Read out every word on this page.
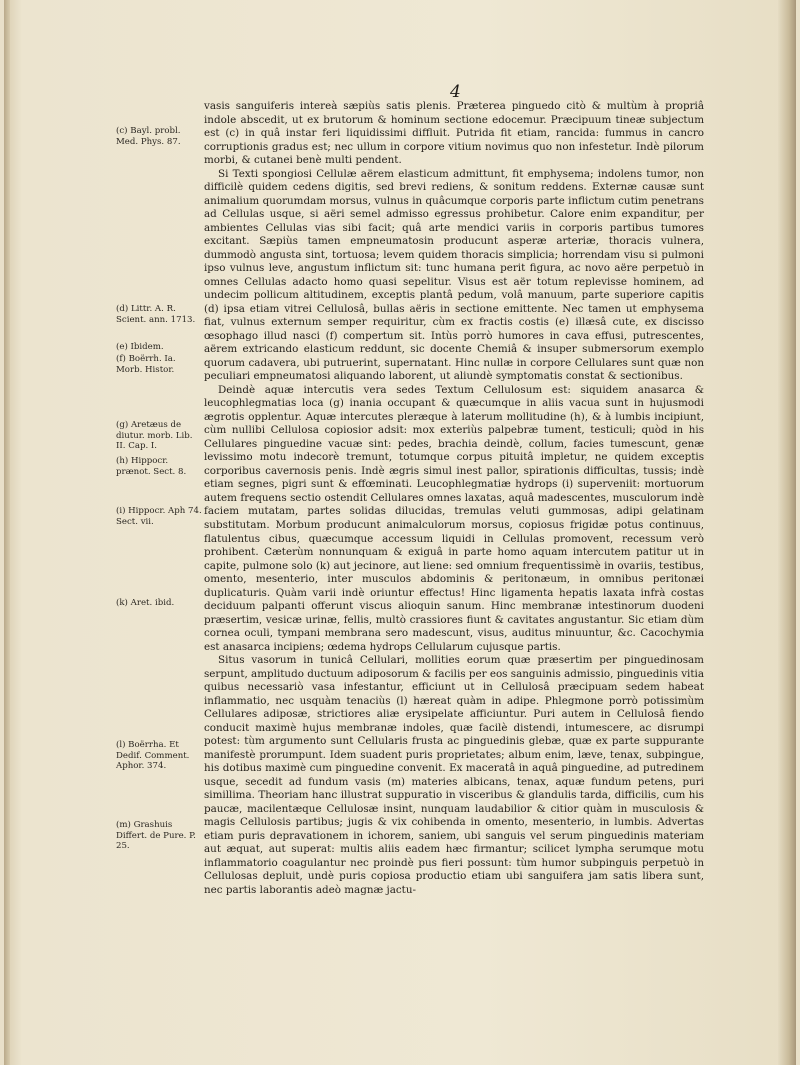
4
(c) Bayl. probl. Med. Phys. 87.
(d) Littr. A. R. Scient. ann. 1713.
(e) Ibidem.
(f) Boërrh. Ia. Morb. Histor.
(g) Aretæus de diutur. morb. Lib. II. Cap. I.
(h) Hippocr. prænot. Sect. 8.
(i) Hippocr. Aph 74. Sect. vii.
(k) Aret. ibid.
(l) Boërrha. Et Dedif. Comment. Aphor. 374.
(m) Grashuis Differt. de Pure. P. 25.

vasis sanguiferis intereà sæpiùs satis plenis. Præterea pinguedo citò & multùm à propriâ indole abscedit, ut ex brutorum & hominum sectione edocemur. Præcipuum tineæ subjectum est (c) in quâ instar feri liquidissimi diffluit. Putrida fit etiam, rancida: fummus in cancro corruptionis gradus est; nec ullum in corpore vitium novimus quo non infestetur. Indè pilorum morbi, & cutanei benè multi pendent.

Si Texti spongiosi Cellulæ aërem elasticum admittunt, fit emphysema; indolens tumor, non difficilè quidem cedens digitis, sed brevi rediens, & sonitum reddens. Externæ causæ sunt animalium quorumdam morsus, vulnus in quâcumque corporis parte inflictum cutim penetrans ad Cellulas usque, si aëri semel admisso egressus prohibetur. Calore enim expanditur, per ambientes Cellulas vias sibi facit; quâ arte mendici variis in corporis partibus tumores excitant. Sæpiùs tamen empneumatosin producunt asperæ arteriæ, thoracis vulnera, dummodò angusta sint, tortuosa; levem quidem thoracis simplicia; horrendam visu si pulmoni ipso vulnus leve, angustum inflictum sit: tunc humana perit figura, ac novo aëre perpetuò in omnes Cellulas adacto homo quasi sepelitur. Visus est aër totum replevisse hominem, ad undecim pollicum altitudinem, exceptis plantâ pedum, volâ manuum, parte superiore capitis (d) ipsa etiam vitrei Cellulosâ, bullas aëris in sectione emittente. Nec tamen ut emphysema fiat, vulnus externum semper requiritur, cùm ex fractis costis (e) illæsâ cute, ex discisso œsophago illud nasci (f) compertum sit. Intùs porrò humores in cava effusi, putrescentes, aërem extricando elasticum reddunt, sic docente Chemiâ & insuper submersorum exemplo quorum cadavera, ubi putruerint, supernatant. Hinc nullæ in corpore Cellulares sunt quæ non peculiari empneumatosi aliquando laborent, ut aliundè symptomatis constat & sectionibus.

Deindè aquæ intercutis vera sedes Textum Cellulosum est: siquidem anasarca & leucophlegmatias loca (g) inania occupant & quæcumque in aliis vacua sunt in hujusmodi ægrotis opplentur. Aquæ intercutes pleræque à laterum mollitudine (h), & à lumbis incipiunt, cùm nullibi Cellulosa copiosior adsit: mox exteriùs palpebræ tument, testiculi; quòd in his Cellulares pinguedine vacuæ sint: pedes, brachia deindè, collum, facies tumescunt, genæ levissimo motu indecorè tremunt, totumque corpus pituitâ impletur, ne quidem exceptis corporibus cavernosis penis. Indè ægris simul inest pallor, spirationis difficultas, tussis; indè etiam segnes, pigri sunt & effœminati. Leucophlegmatiæ hydrops (i) superveniit: mortuorum autem frequens sectio ostendit Cellulares omnes laxatas, aquâ madescentes, musculorum indè faciem mutatam, partes solidas dilucidas, tremulas veluti gummosas, adipi gelatinam substitutam. Morbum producunt animalculorum morsus, copiosus frigidæ potus continuus, flatulentus cibus, quæcumque accessum liquidi in Cellulas promovent, recessum verò prohibent. Cæterùm nonnunquam & exiguâ in parte homo aquam intercutem patitur ut in capite, pulmone solo (k) aut jecinore, aut liene: sed omnium frequentissimè in ovariis, testibus, omento, mesenterio, inter musculos abdominis & peritonæum, in omnibus peritonæi duplicaturis. Quàm varii indè oriuntur effectus! Hinc ligamenta hepatis laxata infrà costas deciduum palpanti offerunt viscus alioquin sanum. Hinc membranæ intestinorum duodeni præsertim, vesicæ urinæ, fellis, multò crassiores fiunt & cavitates angustantur. Sic etiam dùm cornea oculi, tympani membrana sero madescunt, visus, auditus minuuntur, &c. Cacochymia est anasarca incipiens; œdema hydrops Cellularum cujusque partis.

Situs vasorum in tunicâ Cellulari, mollities eorum quæ præsertim per pinguedinosam serpunt, amplitudo ductuum adiposorum & facilis per eos sanguinis admissio, pinguedinis vitia quibus necessariò vasa infestantur, efficiunt ut in Cellulosâ præcipuam sedem habeat inflammatio, nec usquàm tenaciùs (l) hæreat quàm in adipe. Phlegmone porrò potissimùm Cellulares adiposæ, strictiores aliæ erysipelate afficiuntur. Puri autem in Cellulosâ fiendo conducit maximè hujus membranæ indoles, quæ facilè distendi, intumescere, ac disrumpi potest: tùm argumento sunt Cellularis frusta ac pinguedinis glebæ, quæ ex parte suppurante manifestè prorumpunt. Idem suadent puris proprietates; album enim, læve, tenax, subpingue, his dotibus maximè cum pinguedine convenit. Ex maceratâ in aquâ pinguedine, ad putredinem usque, secedit ad fundum vasis (m) materies albicans, tenax, aquæ fundum petens, puri simillima. Theoriam hanc illustrat suppuratio in visceribus & glandulis tarda, difficilis, cum his paucæ, macilentæque Cellulosæ insint, nunquam laudabilior & citior quàm in musculosis & magis Cellulosis partibus; jugis & vix cohibenda in omento, mesenterio, in lumbis. Advertas etiam puris depravationem in ichorem, saniem, ubi sanguis vel serum pinguedinis materiam aut æquat, aut superat: multis aliis eadem hæc firmantur; scilicet lympha serumque motu inflammatorio coagulantur nec proindè pus fieri possunt: tùm humor subpinguis perpetuò in Cellulosas depluit, undè puris copiosa productio etiam ubi sanguifera jam satis libera sunt, nec partis laborantis adeò magnæ jactu-
